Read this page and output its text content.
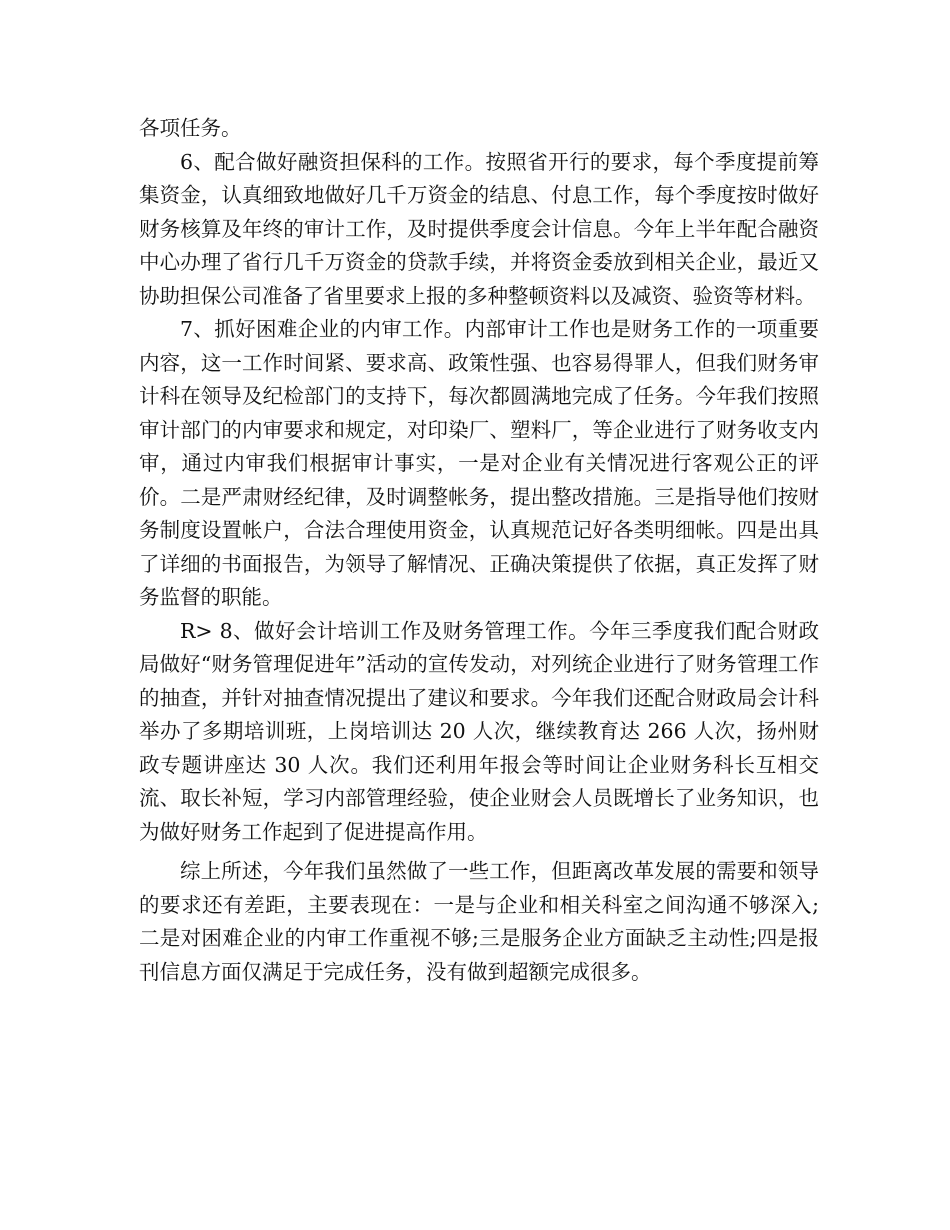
各项任务。

6、配合做好融资担保科的工作。按照省开行的要求，每个季度提前筹集资金，认真细致地做好几千万资金的结息、付息工作，每个季度按时做好财务核算及年终的审计工作，及时提供季度会计信息。今年上半年配合融资中心办理了省行几千万资金的贷款手续，并将资金委放到相关企业，最近又协助担保公司准备了省里要求上报的多种整顿资料以及减资、验资等材料。

7、抓好困难企业的内审工作。内部审计工作也是财务工作的一项重要内容，这一工作时间紧、要求高、政策性强、也容易得罪人，但我们财务审计科在领导及纪检部门的支持下，每次都圆满地完成了任务。今年我们按照审计部门的内审要求和规定，对印染厂、塑料厂，等企业进行了财务收支内审，通过内审我们根据审计事实，一是对企业有关情况进行客观公正的评价。二是严肃财经纪律，及时调整帐务，提出整改措施。三是指导他们按财务制度设置帐户，合法合理使用资金，认真规范记好各类明细帐。四是出具了详细的书面报告，为领导了解情况、正确决策提供了依据，真正发挥了财务监督的职能。

R> 8、做好会计培训工作及财务管理工作。今年三季度我们配合财政局做好“财务管理促进年”活动的宣传发动，对列统企业进行了财务管理工作的抽查，并针对抽查情况提出了建议和要求。今年我们还配合财政局会计科举办了多期培训班，上岗培训达 20 人次，继续教育达 266 人次，扬州财政专题讲座达 30 人次。我们还利用年报会等时间让企业财务科长互相交流、取长补短，学习内部管理经验，使企业财会人员既增长了业务知识，也为做好财务工作起到了促进提高作用。

综上所述，今年我们虽然做了一些工作，但距离改革发展的需要和领导的要求还有差距，主要表现在：一是与企业和相关科室之间沟通不够深入;二是对困难企业的内审工作重视不够;三是服务企业方面缺乏主动性;四是报刊信息方面仅满足于完成任务，没有做到超额完成很多。
